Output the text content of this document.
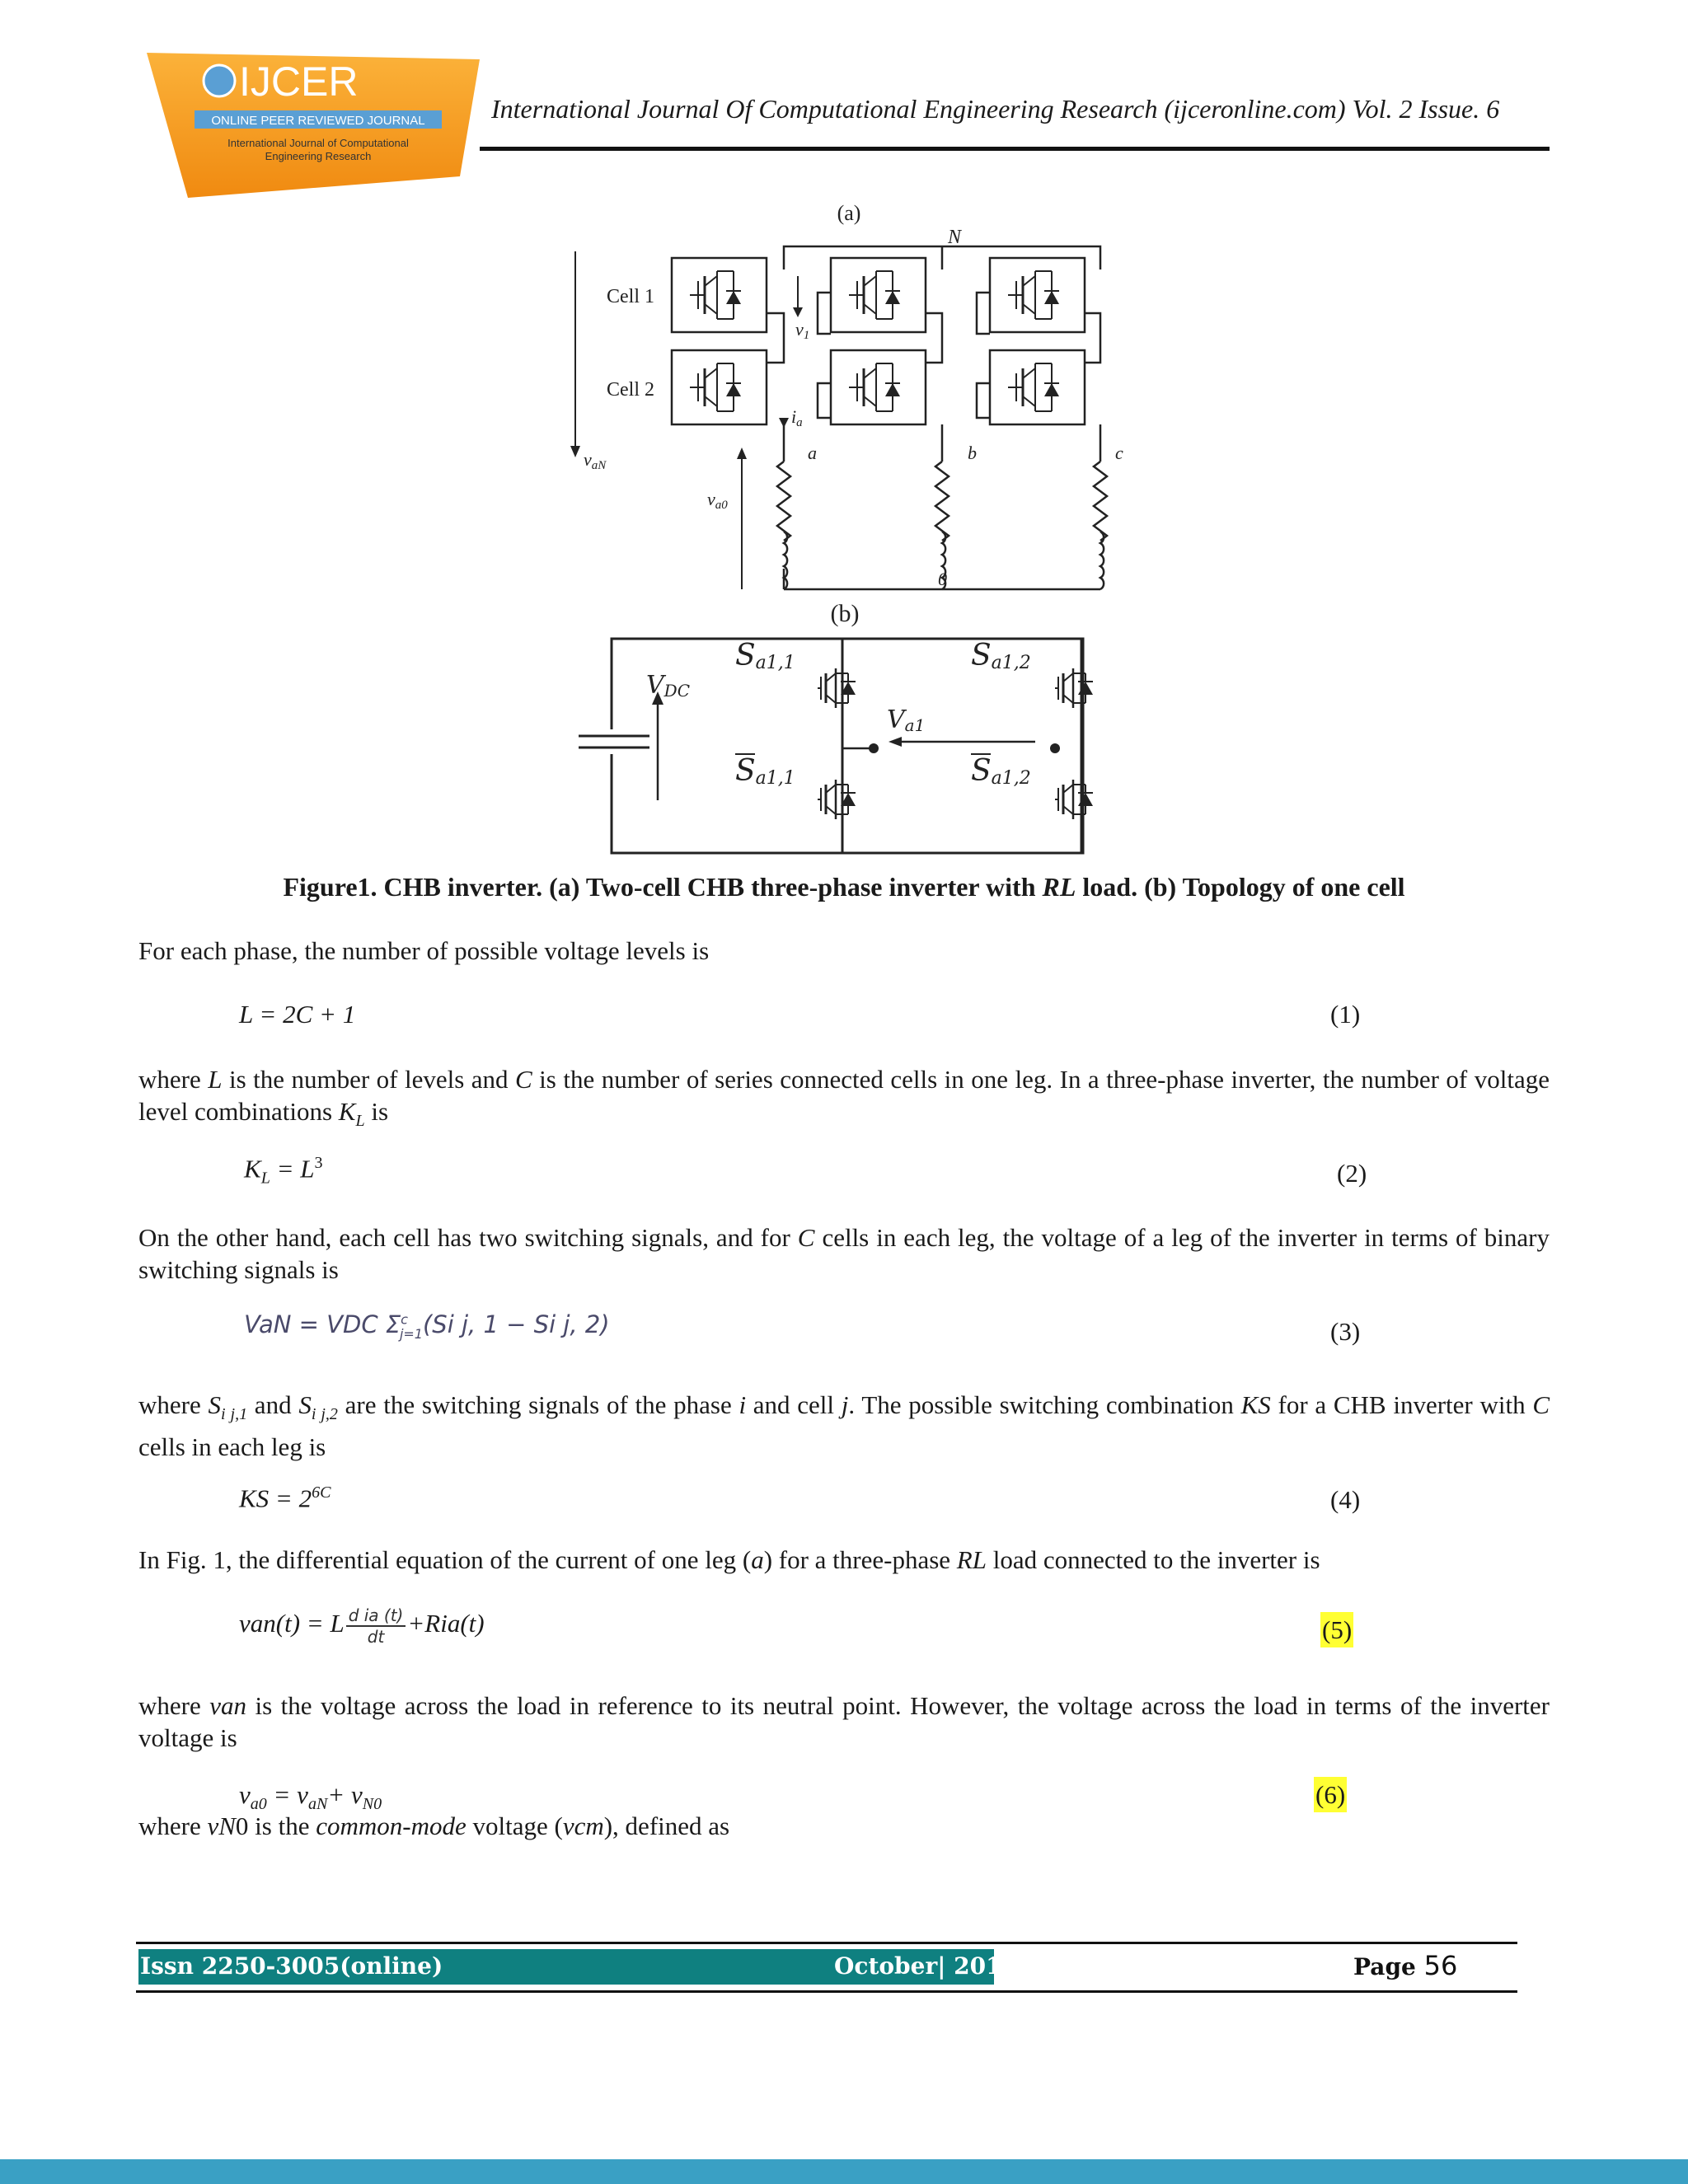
IJCER
ONLINE PEER REVIEWED JOURNAL
International Journal of Computational
Engineering Research
International Journal Of Computational Engineering Research (ijceronline.com) Vol. 2 Issue. 6
(a)
N
Cell 1
Cell 2
v1
ia
a	b	c
0
vaN
va0
(b)
VDC
Va1
Sa1,1	Sa1,2
Sa1,1	Sa1,2
Figure1. CHB inverter. (a) Two-cell CHB three-phase inverter with RL load. (b) Topology of one cell
For each phase, the number of possible voltage levels is
L = 2C + 1	(1)
where L is the number of levels and C is the number of series connected cells in one leg. In a three-phase inverter, the number of voltage level combinations $K_L$ is
$K_L = L^3$	(2)
On the other hand, each cell has two switching signals, and for C cells in each leg, the voltage of a leg of the inverter in terms of binary switching signals is
VaN = VDC $\Sigma^c_{j=1}(Si$ j, 1 − Si j, 2)	(3)
where $S_{i j,1}$ and $S_{i j,2}$ are the switching signals of the phase i and cell j. The possible switching combination KS for a CHB inverter with C cells in each leg is
KS = $2^{6C}$	(4)
In Fig. 1, the differential equation of the current of one leg (a) for a three-phase RL load connected to the inverter is
van(t) = L $\frac{\text{d ia (t)}}{dt} +Ria(t)$	(5)
where van is the voltage across the load in reference to its neutral point. However, the voltage across the load in terms of the inverter voltage is
$v_{a0} = v_{aN}+ v_{N0}$	(6)
where vN0 is the common-mode voltage (vcm), defined as
Issn 2250-3005(online)	October| 2012	Page 56
